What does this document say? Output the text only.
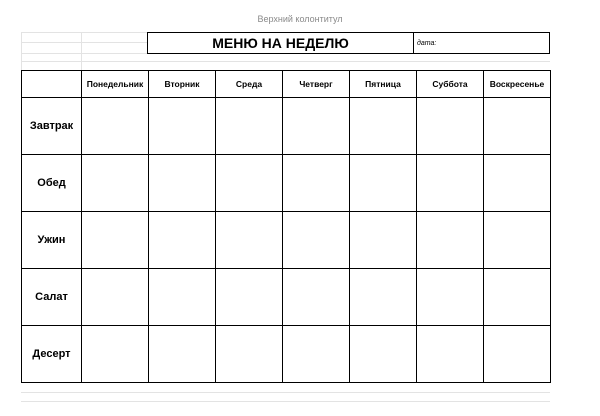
Верхний колонтитул
МЕНЮ НА НЕДЕЛЮ	дата:
	Понедельник	Вторник	Среда	Четверг	Пятница	Суббота	Воскресенье
Завтрак							
Обед							
Ужин							
Салат							
Десерт							
